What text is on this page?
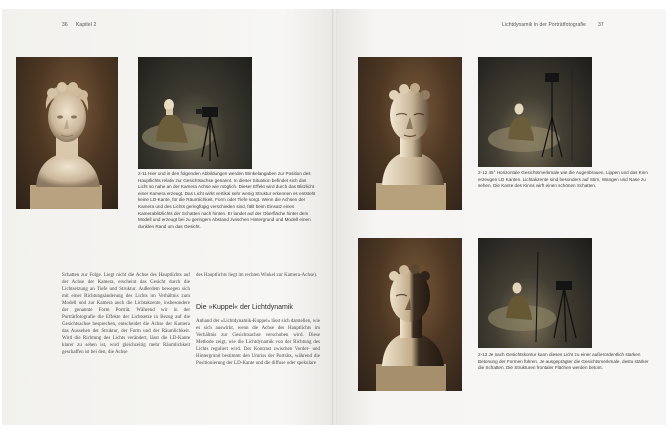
36 Kapitel 2
2-11 Hier und in den folgenden Abbildungen werden Winkelangaben zur Position des Hauptlichts relativ zur Gesichtsachse genannt. In dieser Situation befindet sich das Licht so nahe an der Kamera Achse wie möglich. Dieser Effekt wird durch das Blitzlicht einer Kamera erzeugt. Das Licht wirkt vertikal sehr wenig Struktur erkennen es entsteht keine LD-Kante, für die Räumlichkeit, Form oder Tiefe sorgt. Wenn die Achsen der Kamera und des Lichts geringfügig verschieden sind, fällt beim Einsatz eines Kamerablitzlichts der Schatten nach hinten. Er landet auf der Oberfläche hinter dem Modell und erzeugt bei zu geringem Abstand zwischen Hintergrund und Modell einen dunklen Rand um das Gesicht.
Schatten zur Folge. Liegt nicht die Achse des Hauptlichts auf der Achse der Kamera, erscheint das Gesicht durch die Lichtsetzung an Tiefe und Struktur. Außerdem bewegen sich mit einer Richtungsänderung des Lichts im Verhältnis zum Modell und zur Kamera auch die Lichtakzente, insbesondere der genannte Form Porträt. Während wir in der Porträtfotografie die Effekte der Lichtsetze in Bezug auf die Gesichtsachse besprechen, entscheidet die Achse der Kamera das Aussehen der Struktur, der Form und der Räumlichkeit. Wird die Richtung des Lichts verändert, lässt die LD-Kante klarer zu sehen ist, wird gleichzeitig mehr Räumlichkeit geschaffen ist bei den, die Achse
des Hauptlichts liegt im rechten Winkel zur Kamera-Achse).
Die »Kuppel« der Lichtdynamik
Anhand der »Lichtdynamik-Kuppel« lässt sich darstellen, wie es sich auswirkt, wenn die Achse des Hauptlichts im Verhältnis zur Gesichtsachse verschoben wird. Diese Methode zeigt, wie die Lichtdynamik von der Richtung des Lichts reguliert wird. Der Kontrast zwischen Vorder- und Hintergrund bestimmt den Umriss der Porträts, während die Positionierung der LD-Kante und die diffuse oder spekulare
Lichtdynamik in der Porträtfotografie 37
2-12 45° Horizontale Gesichtsmerkmale wie die Augenbrauen, Lippen und das Kinn erzeugen LD Kanten. Lichtakzente sind besonders auf Stirn, Wangen und Nase zu sehen. Die Kante des Kinns wirft einen schönen Schatten.
2-13 Je nach Gesichtskontur kann dieses Licht zu einer außerordentlich starken Betonung der Formen führen. Je ausgeprägter die Gesichtsmerkmale, desto stärker die Schatten. Die Strukturen frontaler Flächen werden betont.
